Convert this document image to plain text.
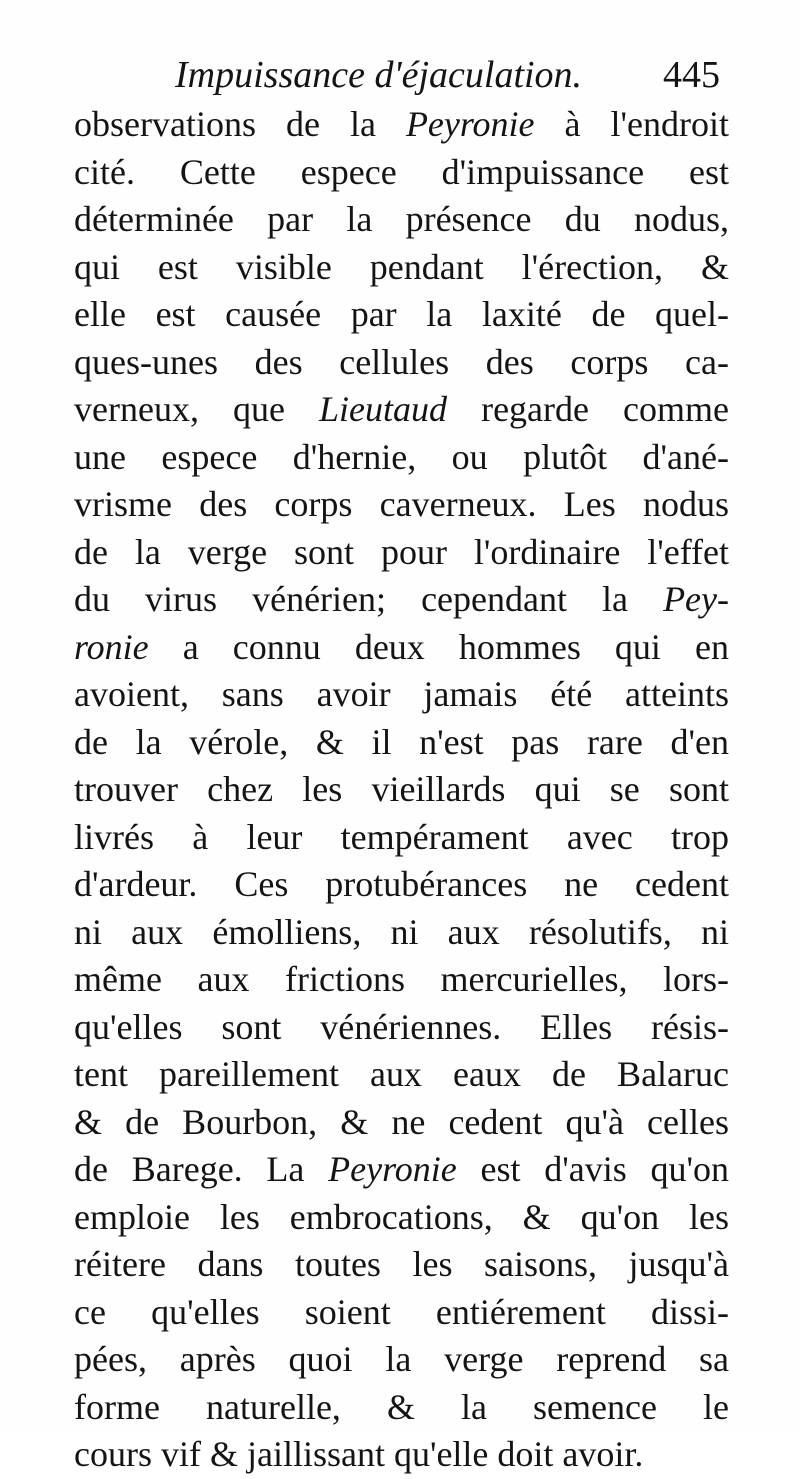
Impuissance d'éjaculation. 445
observations de la Peyronie à l'endroit
cité. Cette espece d'impuissance est
déterminée par la présence du nodus,
qui est visible pendant l'érection, &
elle est causée par la laxité de quel-
ques-unes des cellules des corps ca-
verneux, que Lieutaud regarde comme
une espece d'hernie, ou plutôt d'ané-
vrisme des corps caverneux. Les nodus
de la verge sont pour l'ordinaire l'effet
du virus vénérien; cependant la Pey-
ronie a connu deux hommes qui en
avoient, sans avoir jamais été atteints
de la vérole, & il n'est pas rare d'en
trouver chez les vieillards qui se sont
livrés à leur tempérament avec trop
d'ardeur. Ces protubérances ne cedent
ni aux émolliens, ni aux résolutifs, ni
même aux frictions mercurielles, lors-
qu'elles sont vénériennes. Elles résis-
tent pareillement aux eaux de Balaruc
& de Bourbon, & ne cedent qu'à celles
de Barege. La Peyronie est d'avis qu'on
emploie les embrocations, & qu'on les
réitere dans toutes les saisons, jusqu'à
ce qu'elles soient entiérement dissi-
pées, après quoi la verge reprend sa
forme naturelle, & la semence le
cours vif & jaillissant qu'elle doit avoir.
